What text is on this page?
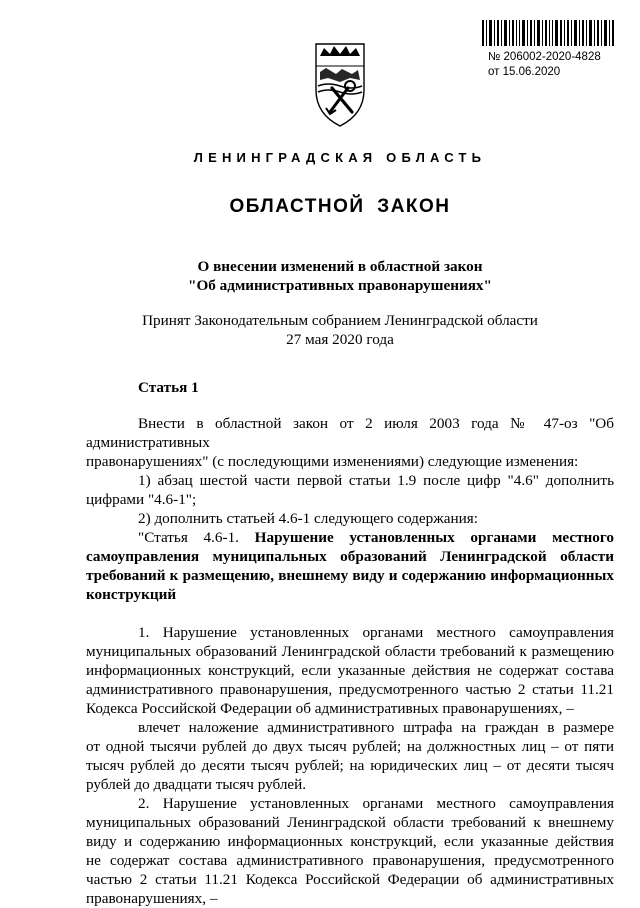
№ 206002-2020-4828
от 15.06.2020
ЛЕНИНГРАДСКАЯ ОБЛАСТЬ
ОБЛАСТНОЙ ЗАКОН
О внесении изменений в областной закон
"Об административных правонарушениях"
Принят Законодательным собранием Ленинградской области
27 мая 2020 года
Статья 1

Внести в областной закон от 2 июля 2003 года № 47-оз "Об административных

правонарушениях" (с последующими изменениями) следующие изменения:

1) абзац шестой части первой статьи 1.9 после цифр "4.6" дополнить

цифрами "4.6-1";

2) дополнить статьей 4.6-1 следующего содержания:

"Статья 4.6-1. Нарушение установленных органами местного

самоуправления муниципальных образований Ленинградской области

требований к размещению, внешнему виду и содержанию информационных

конструкций

1. Нарушение установленных органами местного самоуправления

муниципальных образований Ленинградской области требований к размещению

информационных конструкций, если указанные действия не содержат состава

административного правонарушения, предусмотренного частью 2 статьи 11.21

Кодекса Российской Федерации об административных правонарушениях, –

влечет наложение административного штрафа на граждан в размере

от одной тысячи рублей до двух тысяч рублей; на должностных лиц – от пяти

тысяч рублей до десяти тысяч рублей; на юридических лиц – от десяти тысяч

рублей до двадцати тысяч рублей.

2. Нарушение установленных органами местного самоуправления

муниципальных образований Ленинградской области требований к внешнему

виду и содержанию информационных конструкций, если указанные действия

не содержат состава административного правонарушения, предусмотренного

частью 2 статьи 11.21 Кодекса Российской Федерации об административных

правонарушениях, –
